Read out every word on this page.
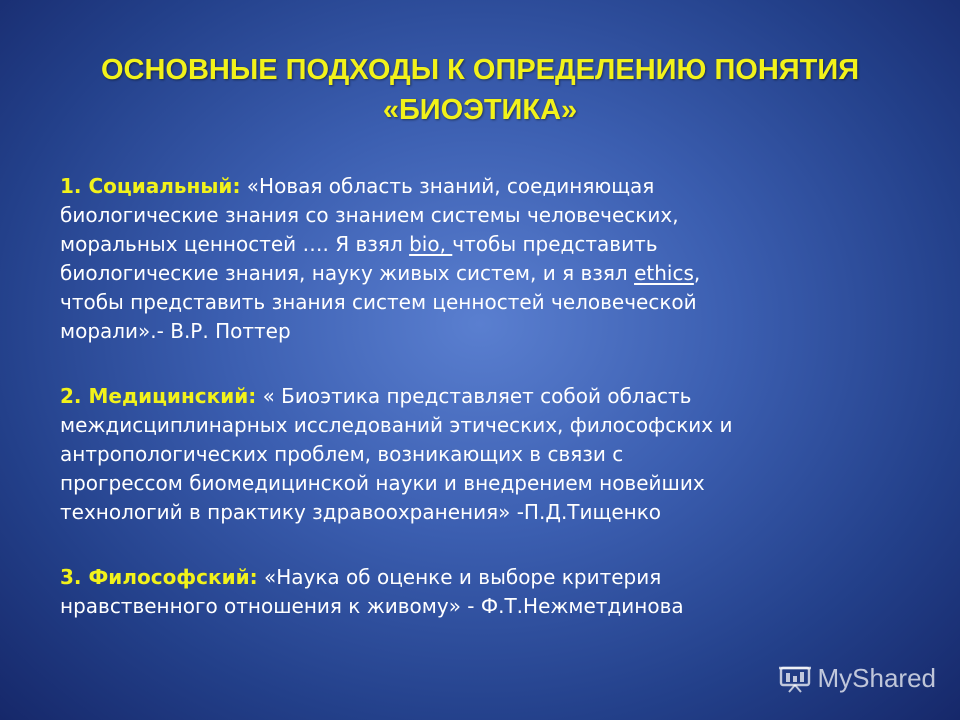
ОСНОВНЫЕ ПОДХОДЫ К ОПРЕДЕЛЕНИЮ ПОНЯТИЯ
«БИОЭТИКА»
1. Социальный: «Новая область знаний, соединяющая
биологические знания со знанием системы человеческих,
моральных ценностей …. Я взял bio, чтобы представить
биологические знания, науку живых систем, и я взял ethics,
чтобы представить знания систем ценностей человеческой
морали».- В.Р. Поттер
2. Медицинский: « Биоэтика представляет собой область
междисциплинарных исследований этических, философских и
антропологических проблем, возникающих в связи с
прогрессом биомедицинской науки и внедрением новейших
технологий в практику здравоохранения» -П.Д.Тищенко
3. Философский: «Наука об оценке и выборе критерия
нравственного отношения к живому» - Ф.Т.Нежметдинова
MyShared
